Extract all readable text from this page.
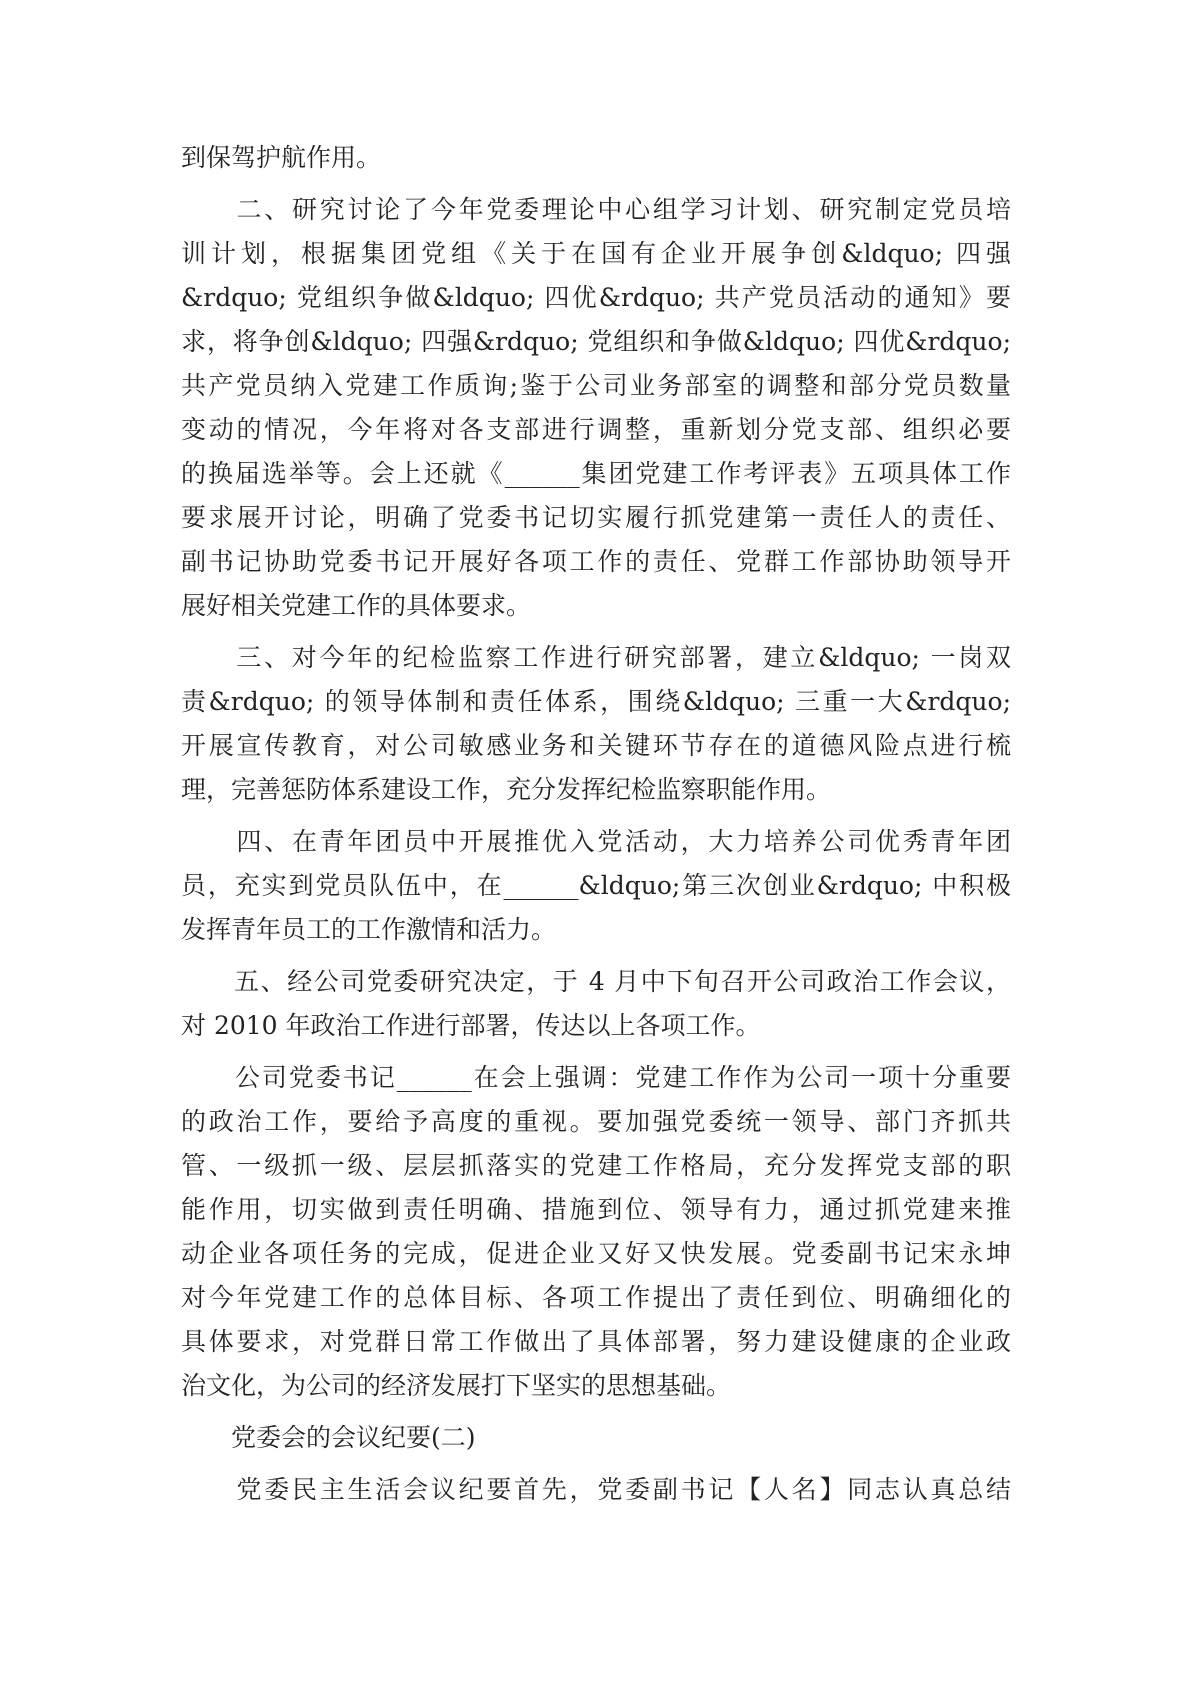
到保驾护航作用。
　　二、研究讨论了今年党委理论中心组学习计划、研究制定党员培
训计划，根据集团党组《关于在国有企业开展争创&ldquo; 四强
&rdquo; 党组织争做&ldquo; 四优&rdquo; 共产党员活动的通知》要
求，将争创&ldquo; 四强&rdquo; 党组织和争做&ldquo; 四优&rdquo;
共产党员纳入党建工作质询;鉴于公司业务部室的调整和部分党员数量
变动的情况，今年将对各支部进行调整，重新划分党支部、组织必要
的换届选举等。会上还就《______集团党建工作考评表》五项具体工作
要求展开讨论，明确了党委书记切实履行抓党建第一责任人的责任、
副书记协助党委书记开展好各项工作的责任、党群工作部协助领导开
展好相关党建工作的具体要求。
　　三、对今年的纪检监察工作进行研究部署，建立&ldquo; 一岗双
责&rdquo; 的领导体制和责任体系，围绕&ldquo; 三重一大&rdquo;
开展宣传教育，对公司敏感业务和关键环节存在的道德风险点进行梳
理，完善惩防体系建设工作，充分发挥纪检监察职能作用。
　　四、在青年团员中开展推优入党活动，大力培养公司优秀青年团
员，充实到党员队伍中，在______&ldquo;第三次创业&rdquo; 中积极
发挥青年员工的工作激情和活力。
　　五、经公司党委研究决定，于 4 月中下旬召开公司政治工作会议，
对 2010 年政治工作进行部署，传达以上各项工作。
　　公司党委书记______在会上强调：党建工作作为公司一项十分重要
的政治工作，要给予高度的重视。要加强党委统一领导、部门齐抓共
管、一级抓一级、层层抓落实的党建工作格局，充分发挥党支部的职
能作用，切实做到责任明确、措施到位、领导有力，通过抓党建来推
动企业各项任务的完成，促进企业又好又快发展。党委副书记宋永坤
对今年党建工作的总体目标、各项工作提出了责任到位、明确细化的
具体要求，对党群日常工作做出了具体部署，努力建设健康的企业政
治文化，为公司的经济发展打下坚实的思想基础。
　　党委会的会议纪要(二)
　　党委民主生活会议纪要首先，党委副书记【人名】同志认真总结
